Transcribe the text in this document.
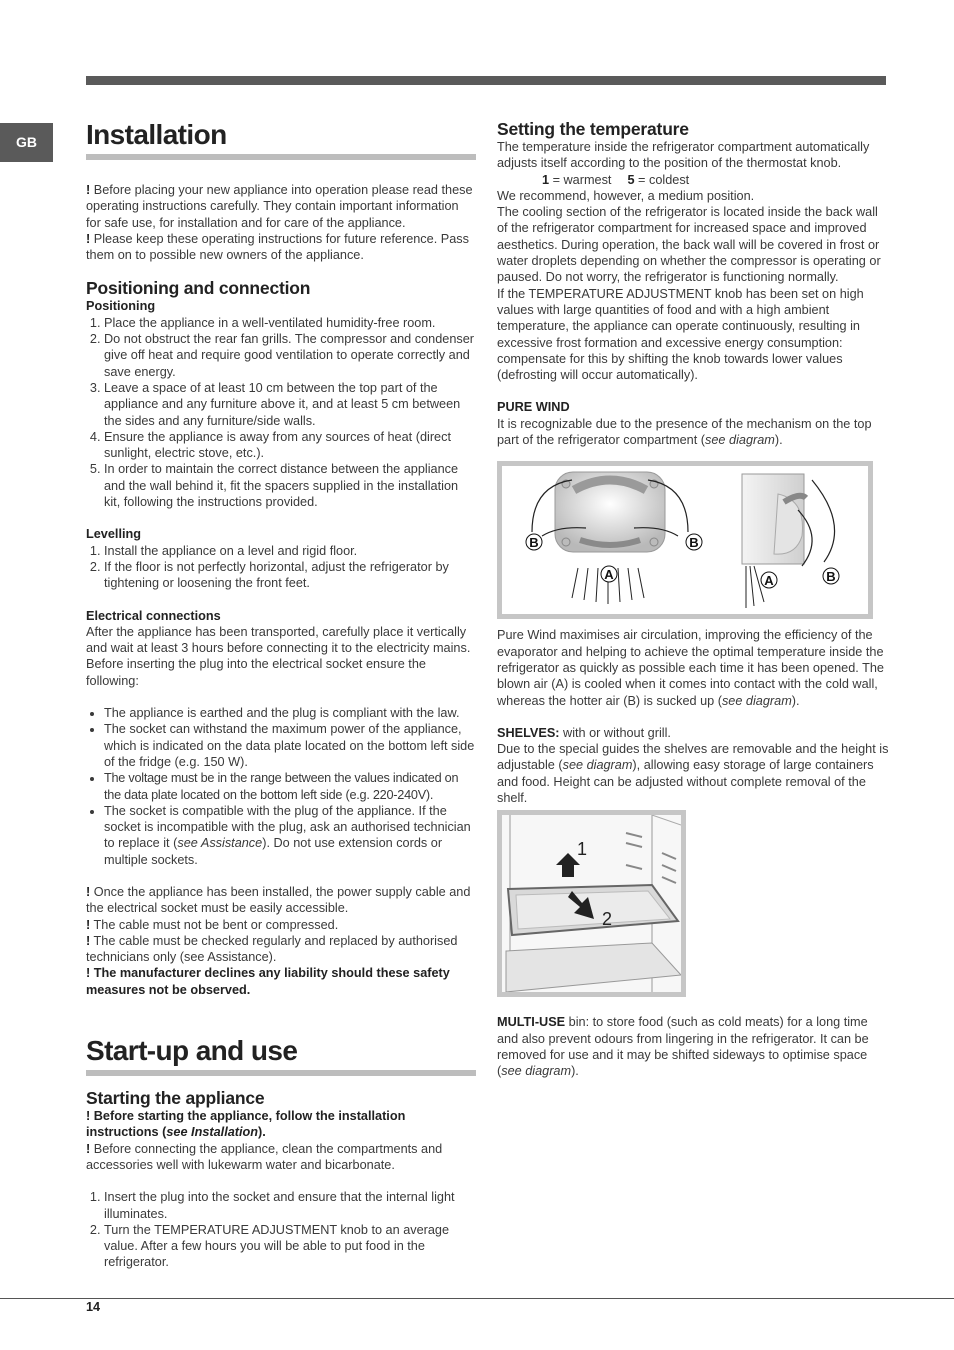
GB	Installation

! Before placing your new appliance into operation please read these operating instructions carefully. They contain important information for safe use, for installation and for care of the appliance.

! Please keep these operating instructions for future reference. Pass them on to possible new owners of the appliance.

Positioning and connection
Positioning
1. Place the appliance in a well-ventilated humidity-free room.
2. Do not obstruct the rear fan grills. The compressor and condenser give off heat and require good ventilation to operate correctly and save energy.
3. Leave a space of at least 10 cm between the top part of the appliance and any furniture above it, and at least 5 cm between the sides and any furniture/side walls.
4. Ensure the appliance is away from any sources of heat (direct sunlight, electric stove, etc.).
5. In order to maintain the correct distance between the appliance and the wall behind it, fit the spacers supplied in the installation kit, following the instructions provided.
Levelling
1. Install the appliance on a level and rigid floor.
2. If the floor is not perfectly horizontal, adjust the refrigerator by tightening or loosening the front feet.
Electrical connections

After the appliance has been transported, carefully place it vertically and wait at least 3 hours before connecting it to the electricity mains. Before inserting the plug into the electrical socket ensure the following:

• The appliance is earthed and the plug is compliant with the law.
• The socket can withstand the maximum power of the appliance, which is indicated on the data plate located on the bottom left side of the fridge (e.g. 150 W).
• The voltage must be in the range between the values indicated on the data plate located on the bottom left side (e.g. 220-240V).
• The socket is compatible with the plug of the appliance. If the socket is incompatible with the plug, ask an authorised technician to replace it (see Assistance). Do not use extension cords or multiple sockets.

! Once the appliance has been installed, the power supply cable and the electrical socket must be easily accessible.

! The cable must not be bent or compressed.

! The cable must be checked regularly and replaced by authorised technicians only (see Assistance).

! The manufacturer declines any liability should these safety measures not be observed.

Start-up and use
Starting the appliance

! Before starting the appliance, follow the installation instructions (see Installation).

! Before connecting the appliance, clean the compartments and accessories well with lukewarm water and bicarbonate.

1. Insert the plug into the socket and ensure that the internal light illuminates.
2. Turn the TEMPERATURE ADJUSTMENT knob to an average value. After a few hours you will be able to put food in the refrigerator.
Setting the temperature

The temperature inside the refrigerator compartment automatically adjusts itself according to the position of the thermostat knob.

1 = warmest 5 = coldest

We recommend, however, a medium position.

The cooling section of the refrigerator is located inside the back wall of the refrigerator compartment for increased space and improved aesthetics. During operation, the back wall will be covered in frost or water droplets depending on whether the compressor is operating or paused. Do not worry, the refrigerator is functioning normally.

If the TEMPERATURE ADJUSTMENT knob has been set on high values with large quantities of food and with a high ambient temperature, the appliance can operate continuously, resulting in excessive frost formation and excessive energy consumption: compensate for this by shifting the knob towards lower values (defrosting will occur automatically).

PURE WIND

It is recognizable due to the presence of the mechanism on the top part of the refrigerator compartment (see diagram).

B	B
A	A	B

Pure Wind maximises air circulation, improving the efficiency of the evaporator and helping to achieve the optimal temperature inside the refrigerator as quickly as possible each time it has been opened. The blown air (A) is cooled when it comes into contact with the cold wall, whereas the hotter air (B) is sucked up (see diagram).

SHELVES: with or without grill.

Due to the special guides the shelves are removable and the height is adjustable (see diagram), allowing easy storage of large containers and food. Height can be adjusted without complete removal of the shelf.

1
2

MULTI-USE bin: to store food (such as cold meats) for a long time and also prevent odours from lingering in the refrigerator. It can be removed for use and it may be shifted sideways to optimise space (see diagram).

14
